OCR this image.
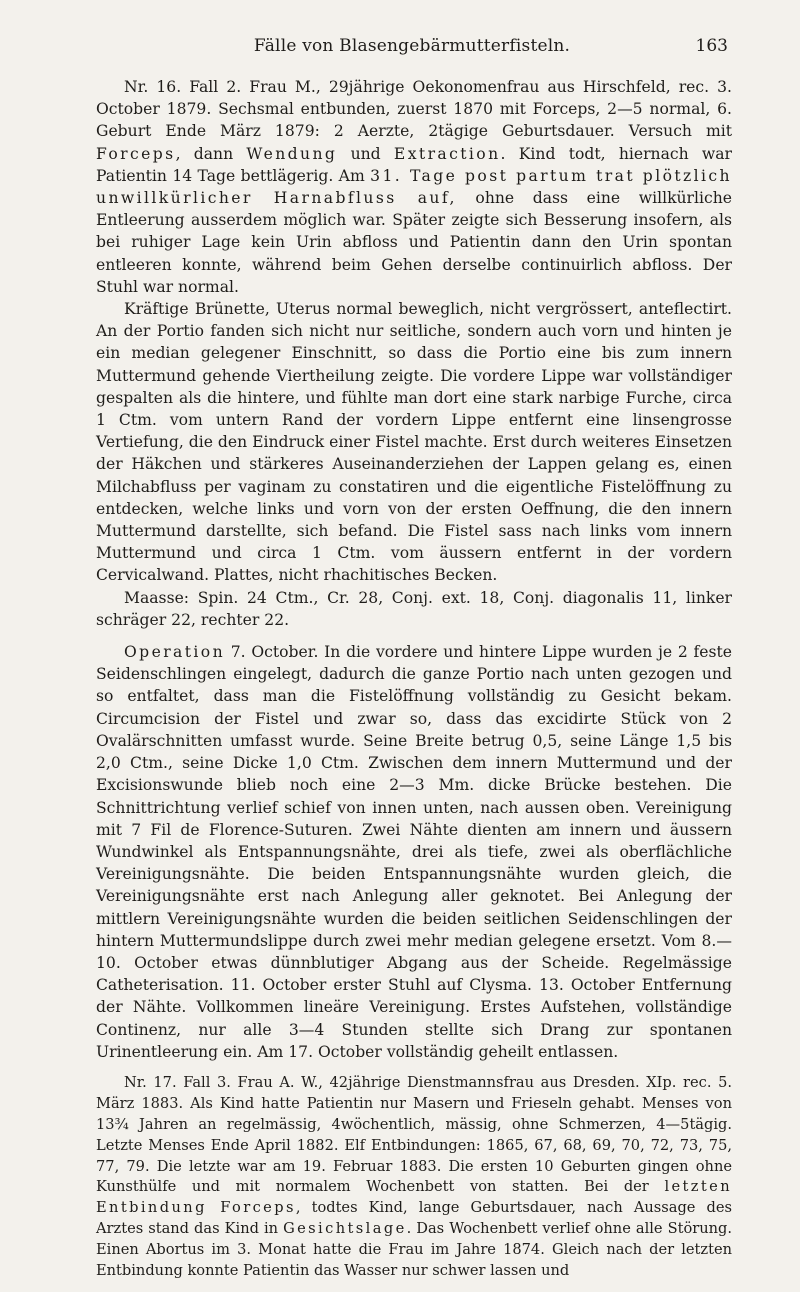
Fälle von Blasengebärmutterfisteln.	163

Nr. 16. Fall 2. Frau M., 29jährige Oekonomenfrau aus Hirschfeld, rec. 3. October 1879. Sechsmal entbunden, zuerst 1870 mit Forceps, 2—5 normal, 6. Geburt Ende März 1879: 2 Aerzte, 2tägige Geburtsdauer. Versuch mit Forceps, dann Wendung und Extraction. Kind todt, hiernach war Patientin 14 Tage bettlägerig. Am 31. Tage post partum trat plötzlich unwillkürlicher Harnabfluss auf, ohne dass eine willkürliche Entleerung ausserdem möglich war. Später zeigte sich Besserung insofern, als bei ruhiger Lage kein Urin abfloss und Patientin dann den Urin spontan entleeren konnte, während beim Gehen derselbe continuirlich abfloss. Der Stuhl war normal.

Kräftige Brünette, Uterus normal beweglich, nicht vergrössert, anteflectirt. An der Portio fanden sich nicht nur seitliche, sondern auch vorn und hinten je ein median gelegener Einschnitt, so dass die Portio eine bis zum innern Muttermund gehende Viertheilung zeigte. Die vordere Lippe war vollständiger gespalten als die hintere, und fühlte man dort eine stark narbige Furche, circa 1 Ctm. vom untern Rand der vordern Lippe entfernt eine linsengrosse Vertiefung, die den Eindruck einer Fistel machte. Erst durch weiteres Einsetzen der Häkchen und stärkeres Auseinanderziehen der Lappen gelang es, einen Milchabfluss per vaginam zu constatiren und die eigentliche Fistelöffnung zu entdecken, welche links und vorn von der ersten Oeffnung, die den innern Muttermund darstellte, sich befand. Die Fistel sass nach links vom innern Muttermund und circa 1 Ctm. vom äussern entfernt in der vordern Cervicalwand. Plattes, nicht rhachitisches Becken.

Maasse: Spin. 24 Ctm., Cr. 28, Conj. ext. 18, Conj. diagonalis 11, linker schräger 22, rechter 22.

Operation 7. October. In die vordere und hintere Lippe wurden je 2 feste Seidenschlingen eingelegt, dadurch die ganze Portio nach unten gezogen und so entfaltet, dass man die Fistelöffnung vollständig zu Gesicht bekam. Circumcision der Fistel und zwar so, dass das excidirte Stück von 2 Ovalärschnitten umfasst wurde. Seine Breite betrug 0,5, seine Länge 1,5 bis 2,0 Ctm., seine Dicke 1,0 Ctm. Zwischen dem innern Muttermund und der Excisionswunde blieb noch eine 2—3 Mm. dicke Brücke bestehen. Die Schnittrichtung verlief schief von innen unten, nach aussen oben. Vereinigung mit 7 Fil de Florence-Suturen. Zwei Nähte dienten am innern und äussern Wundwinkel als Entspannungsnähte, drei als tiefe, zwei als oberflächliche Vereinigungsnähte. Die beiden Entspannungsnähte wurden gleich, die Vereinigungsnähte erst nach Anlegung aller geknotet. Bei Anlegung der mittlern Vereinigungsnähte wurden die beiden seitlichen Seidenschlingen der hintern Muttermundslippe durch zwei mehr median gelegene ersetzt. Vom 8.—10. October etwas dünnblutiger Abgang aus der Scheide. Regelmässige Catheterisation. 11. October erster Stuhl auf Clysma. 13. October Entfernung der Nähte. Vollkommen lineäre Vereinigung. Erstes Aufstehen, vollständige Continenz, nur alle 3—4 Stunden stellte sich Drang zur spontanen Urinentleerung ein. Am 17. October vollständig geheilt entlassen.

Nr. 17. Fall 3. Frau A. W., 42jährige Dienstmannsfrau aus Dresden. XIp. rec. 5. März 1883. Als Kind hatte Patientin nur Masern und Frieseln gehabt. Menses von 13¾ Jahren an regelmässig, 4wöchentlich, mässig, ohne Schmerzen, 4—5tägig. Letzte Menses Ende April 1882. Elf Entbindungen: 1865, 67, 68, 69, 70, 72, 73, 75, 77, 79. Die letzte war am 19. Februar 1883. Die ersten 10 Geburten gingen ohne Kunsthülfe und mit normalem Wochenbett von statten. Bei der letzten Entbindung Forceps, todtes Kind, lange Geburtsdauer, nach Aussage des Arztes stand das Kind in Gesichtslage. Das Wochenbett verlief ohne alle Störung. Einen Abortus im 3. Monat hatte die Frau im Jahre 1874. Gleich nach der letzten Entbindung konnte Patientin das Wasser nur schwer lassen und
